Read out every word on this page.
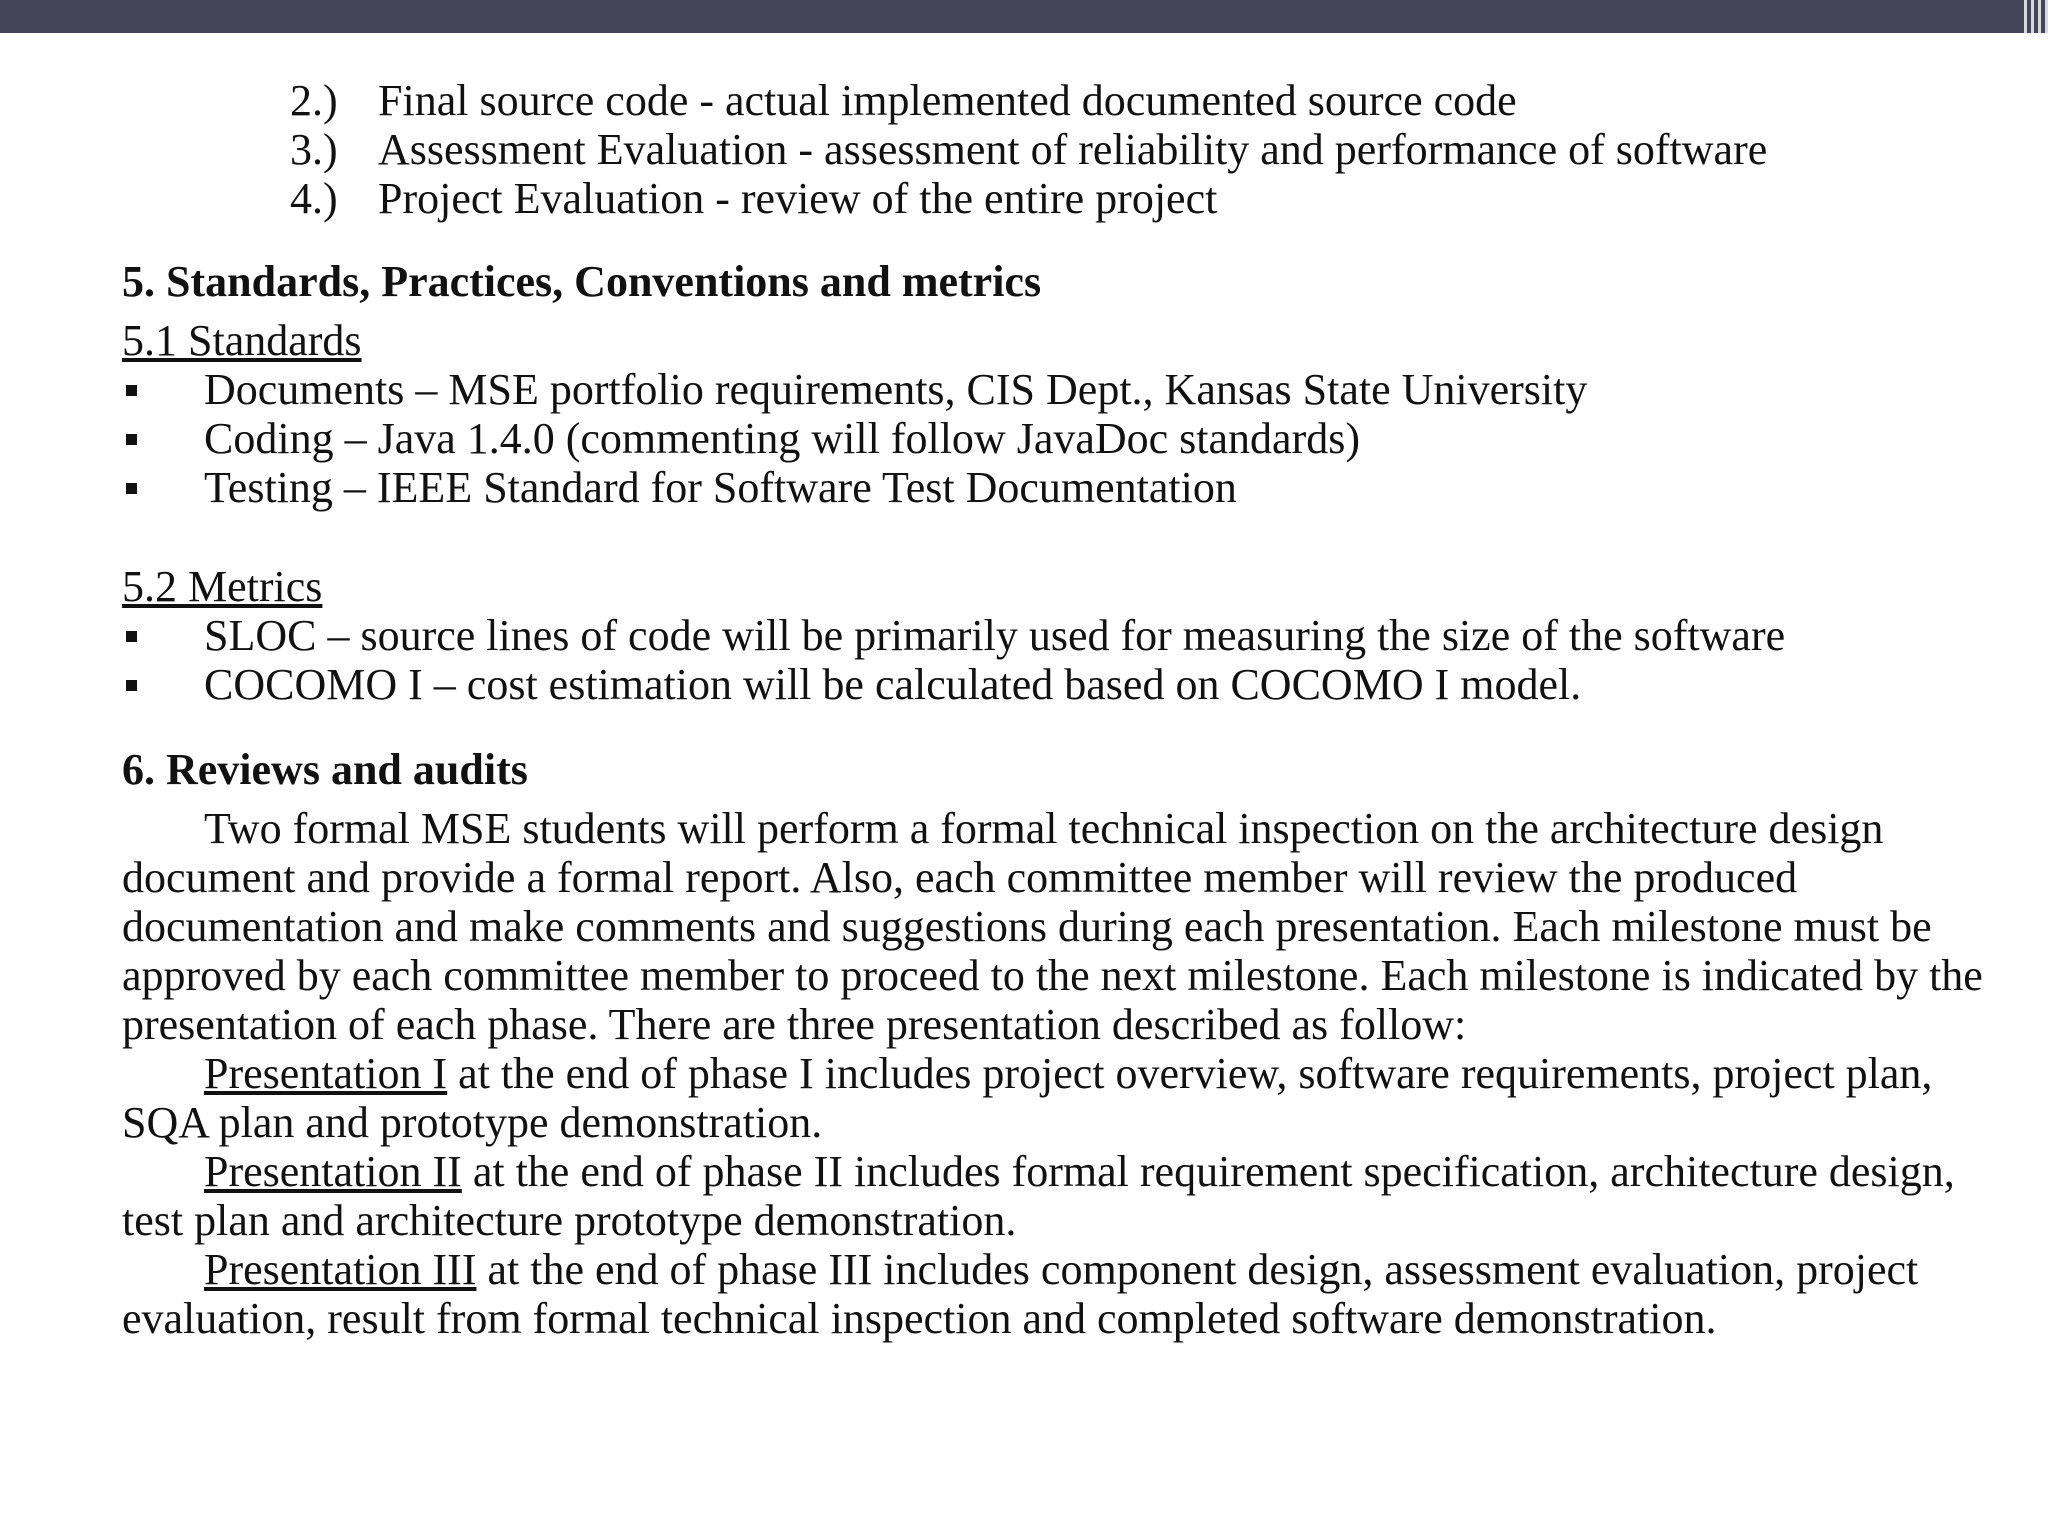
2.) Final source code - actual implemented documented source code
3.) Assessment Evaluation - assessment of reliability and performance of software
4.) Project Evaluation - review of the entire project
5. Standards, Practices, Conventions and metrics

5.1 Standards

Documents – MSE portfolio requirements, CIS Dept., Kansas State University
Coding – Java 1.4.0 (commenting will follow JavaDoc standards)
Testing – IEEE Standard for Software Test Documentation

5.2 Metrics

SLOC – source lines of code will be primarily used for measuring the size of the software
COCOMO I – cost estimation will be calculated based on COCOMO I model.
6. Reviews and audits

Two formal MSE students will perform a formal technical inspection on the architecture design document and provide a formal report. Also, each committee member will review the produced documentation and make comments and suggestions during each presentation. Each milestone must be approved by each committee member to proceed to the next milestone. Each milestone is indicated by the presentation of each phase. There are three presentation described as follow:

Presentation I at the end of phase I includes project overview, software requirements, project plan, SQA plan and prototype demonstration.

Presentation II at the end of phase II includes formal requirement specification, architecture design, test plan and architecture prototype demonstration.

Presentation III at the end of phase III includes component design, assessment evaluation, project evaluation, result from formal technical inspection and completed software demonstration.
